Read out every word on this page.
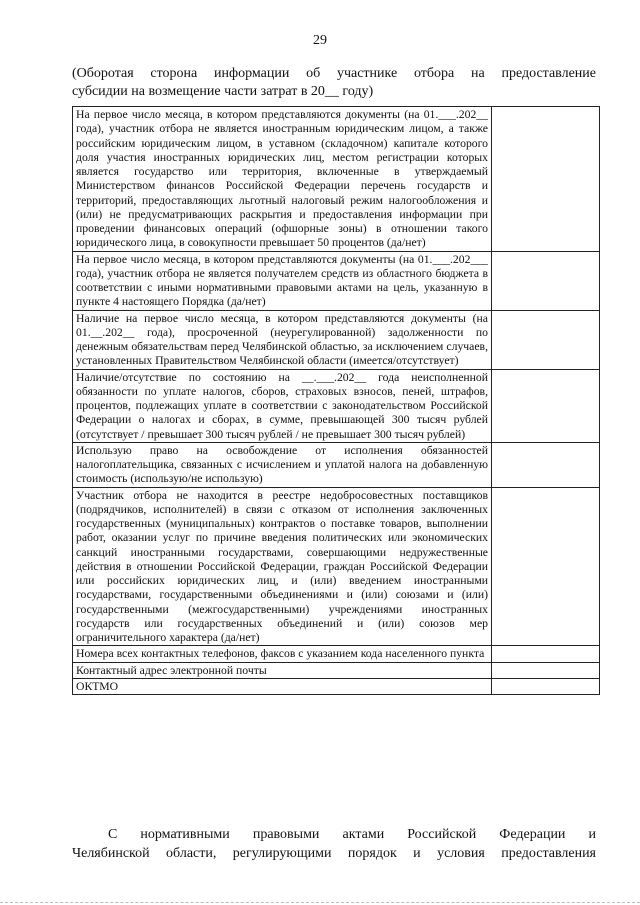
29
(Оборотая сторона информации об участнике отбора на предоставление
субсидии на возмещение части затрат в 20__ году)
На первое число месяца, в котором представляются документы (на 01.___.202__ года), участник отбора не является иностранным юридическим лицом, а также российским юридическим лицом, в уставном (складочном) капитале которого доля участия иностранных юридических лиц, местом регистрации которых является государство или территория, включенные в утверждаемый Министерством финансов Российской Федерации перечень государств и территорий, предоставляющих льготный налоговый режим налогообложения и (или) не предусматривающих раскрытия и предоставления информации при проведении финансовых операций (офшорные зоны) в отношении такого юридического лица, в совокупности превышает 50 процентов (да/нет)	
На первое число месяца, в котором представляются документы (на 01.___.202___ года), участник отбора не является получателем средств из областного бюджета в соответствии с иными нормативными правовыми актами на цель, указанную в пункте 4 настоящего Порядка (да/нет)	
Наличие на первое число месяца, в котором представляются документы (на 01.__.202__ года), просроченной (неурегулированной) задолженности по денежным обязательствам перед Челябинской областью, за исключением случаев, установленных Правительством Челябинской области (имеется/отсутствует)	
Наличие/отсутствие по состоянию на __.___.202__ года неисполненной обязанности по уплате налогов, сборов, страховых взносов, пеней, штрафов, процентов, подлежащих уплате в соответствии с законодательством Российской Федерации о налогах и сборах, в сумме, превышающей 300 тысяч рублей (отсутствует / превышает 300 тысяч рублей / не превышает 300 тысяч рублей)	
Использую право на освобождение от исполнения обязанностей налогоплательщика, связанных с исчислением и уплатой налога на добавленную стоимость (использую/не использую)	
Участник отбора не находится в реестре недобросовестных поставщиков (подрядчиков, исполнителей) в связи с отказом от исполнения заключенных государственных (муниципальных) контрактов о поставке товаров, выполнении работ, оказании услуг по причине введения политических или экономических санкций иностранными государствами, совершающими недружественные действия в отношении Российской Федерации, граждан Российской Федерации или российских юридических лиц, и (или) введением иностранными государствами, государственными объединениями и (или) союзами и (или) государственными (межгосударственными) учреждениями иностранных государств или государственных объединений и (или) союзов мер ограничительного характера (да/нет)	
Номера всех контактных телефонов, факсов с указанием кода населенного пункта	
Контактный адрес электронной почты	
ОКТМО	
С нормативными правовыми актами Российской Федерации и
Челябинской области, регулирующими порядок и условия предоставления
